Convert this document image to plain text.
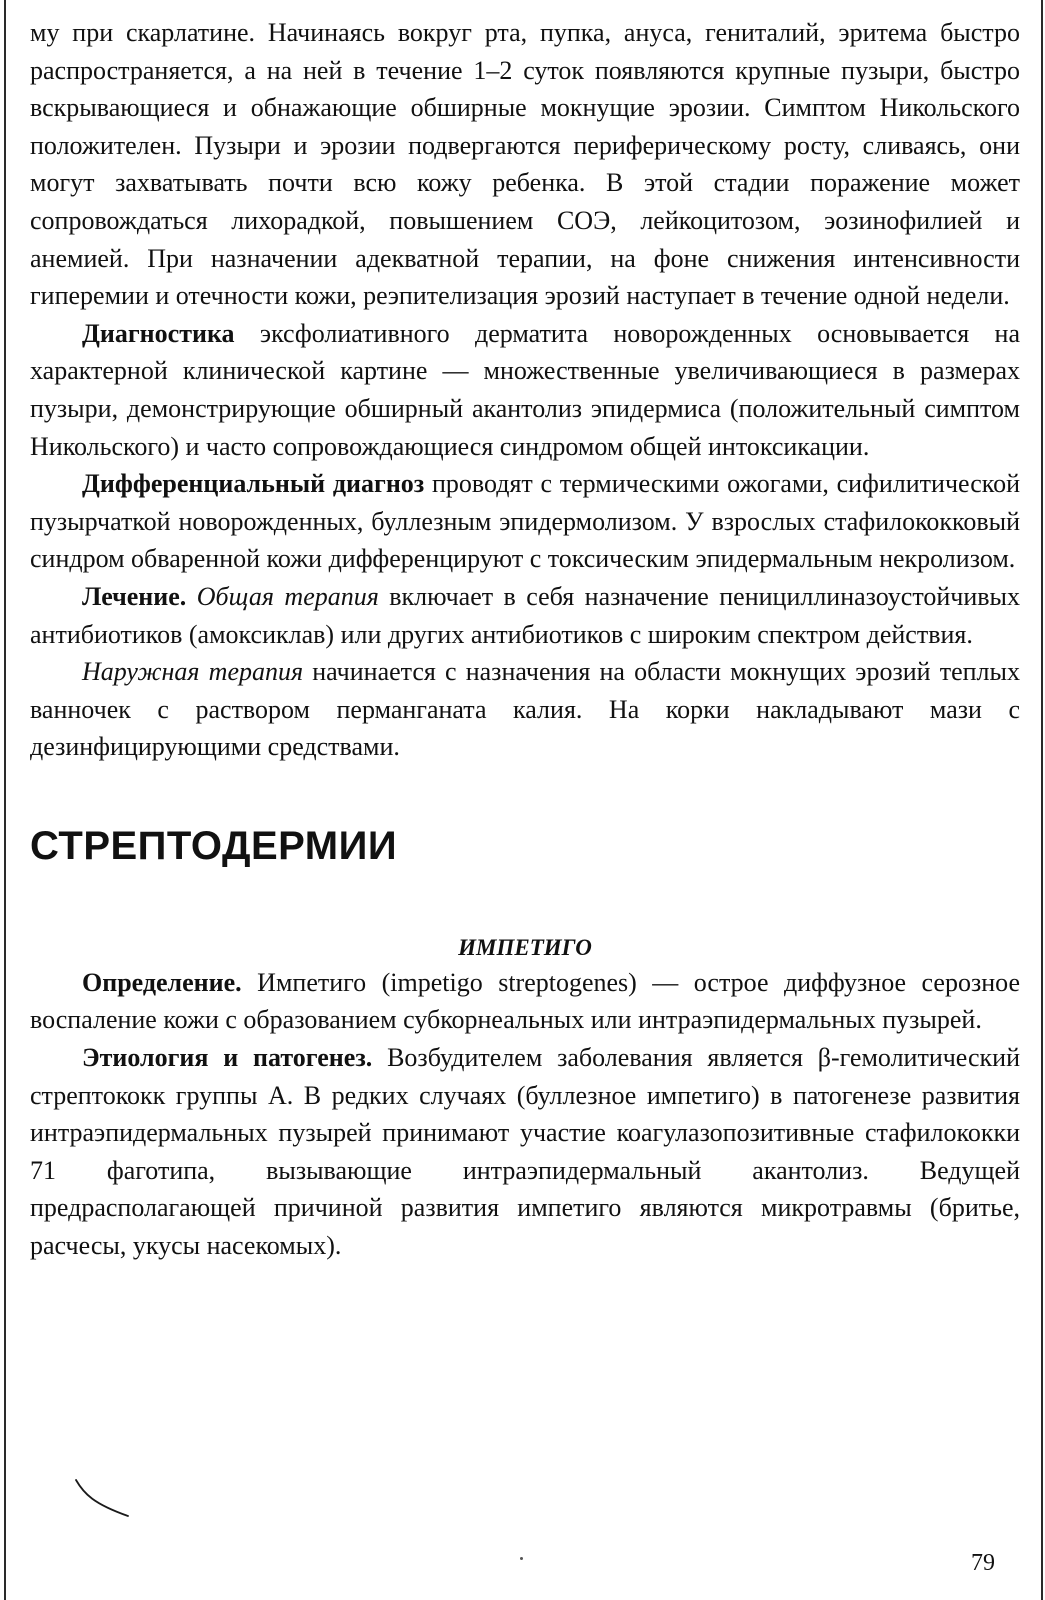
му при скарлатине. Начинаясь вокруг рта, пупка, ануса, гениталий, эритема быстро распространяется, а на ней в течение 1–2 суток появляются крупные пузыри, быстро вскрывающиеся и обнажающие обширные мокнущие эрозии. Симптом Никольского положителен. Пузыри и эрозии подвергаются периферическому росту, сливаясь, они могут захватывать почти всю кожу ребенка. В этой стадии поражение может сопровождаться лихорадкой, повышением СОЭ, лейкоцитозом, эозинофилией и анемией. При назначении адекватной терапии, на фоне снижения интенсивности гиперемии и отечности кожи, реэпителизация эрозий наступает в течение одной недели.

Диагностика эксфолиативного дерматита новорожденных основывается на характерной клинической картине — множественные увеличивающиеся в размерах пузыри, демонстрирующие обширный акантолиз эпидермиса (положительный симптом Никольского) и часто сопровождающиеся синдромом общей интоксикации.

Дифференциальный диагноз проводят с термическими ожогами, сифилитической пузырчаткой новорожденных, буллезным эпидермолизом. У взрослых стафилококковый синдром обваренной кожи дифференцируют с токсическим эпидермальным некролизом.

Лечение. Общая терапия включает в себя назначение пенициллиназоустойчивых антибиотиков (амоксиклав) или других антибиотиков с широким спектром действия.

Наружная терапия начинается с назначения на области мокнущих эрозий теплых ванночек с раствором перманганата калия. На корки накладывают мази с дезинфицирующими средствами.

СТРЕПТОДЕРМИИ
ИМПЕТИГО

Определение. Импетиго (impetigo streptogenes) — острое диффузное серозное воспаление кожи с образованием субкорнеальных или интраэпидермальных пузырей.

Этиология и патогенез. Возбудителем заболевания является β-гемолитический стрептококк группы А. В редких случаях (буллезное импетиго) в патогенезе развития интраэпидермальных пузырей принимают участие коагулазопозитивные стафилококки 71 фаготипа, вызывающие интраэпидермальный акантолиз. Ведущей предрасполагающей причиной развития импетиго являются микротравмы (бритье, расчесы, укусы насекомых).

79
